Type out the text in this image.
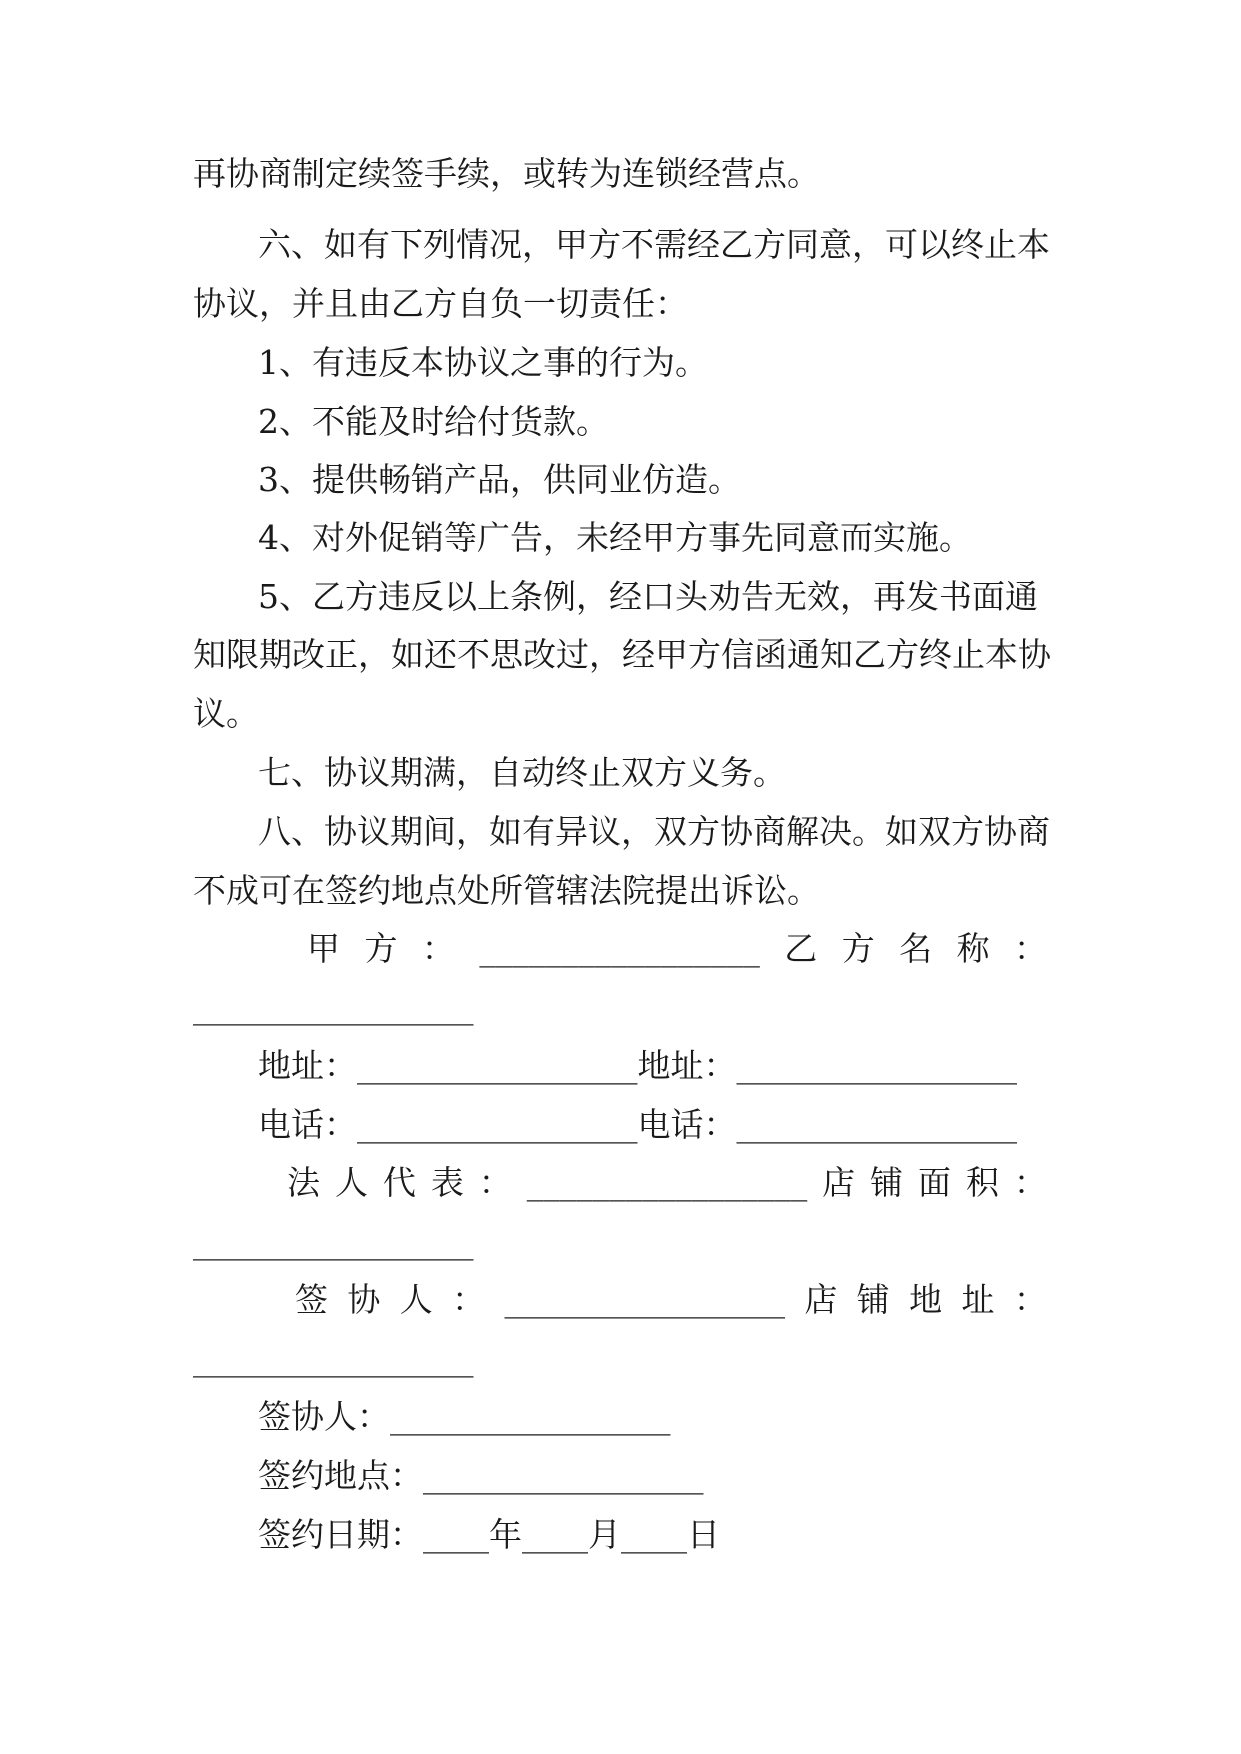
再协商制定续签手续，或转为连锁经营点。
六、如有下列情况，甲方不需经乙方同意，可以终止本
协议，并且由乙方自负一切责任：
1、有违反本协议之事的行为。
2、不能及时给付货款。
3、提供畅销产品，供同业仿造。
4、对外促销等广告，未经甲方事先同意而实施。
5、乙方违反以上条例，经口头劝告无效，再发书面通
知限期改正，如还不思改过，经甲方信函通知乙方终止本协
议。
七、协议期满，自动终止双方义务。
八、协议期间，如有异议，双方协商解决。如双方协商
不成可在签约地点处所管辖法院提出诉讼。
甲 方 ： _________________ 乙 方 名 称 ：
_________________
地址：_________________地址：_________________
电话：_________________电话：_________________
法 人 代 表 ： _________________ 店 铺 面 积 ：
_________________
签 协 人 ： _________________ 店 铺 地 址 ：
_________________
签协人：_________________
签约地点：_________________
签约日期：____年____月____日
